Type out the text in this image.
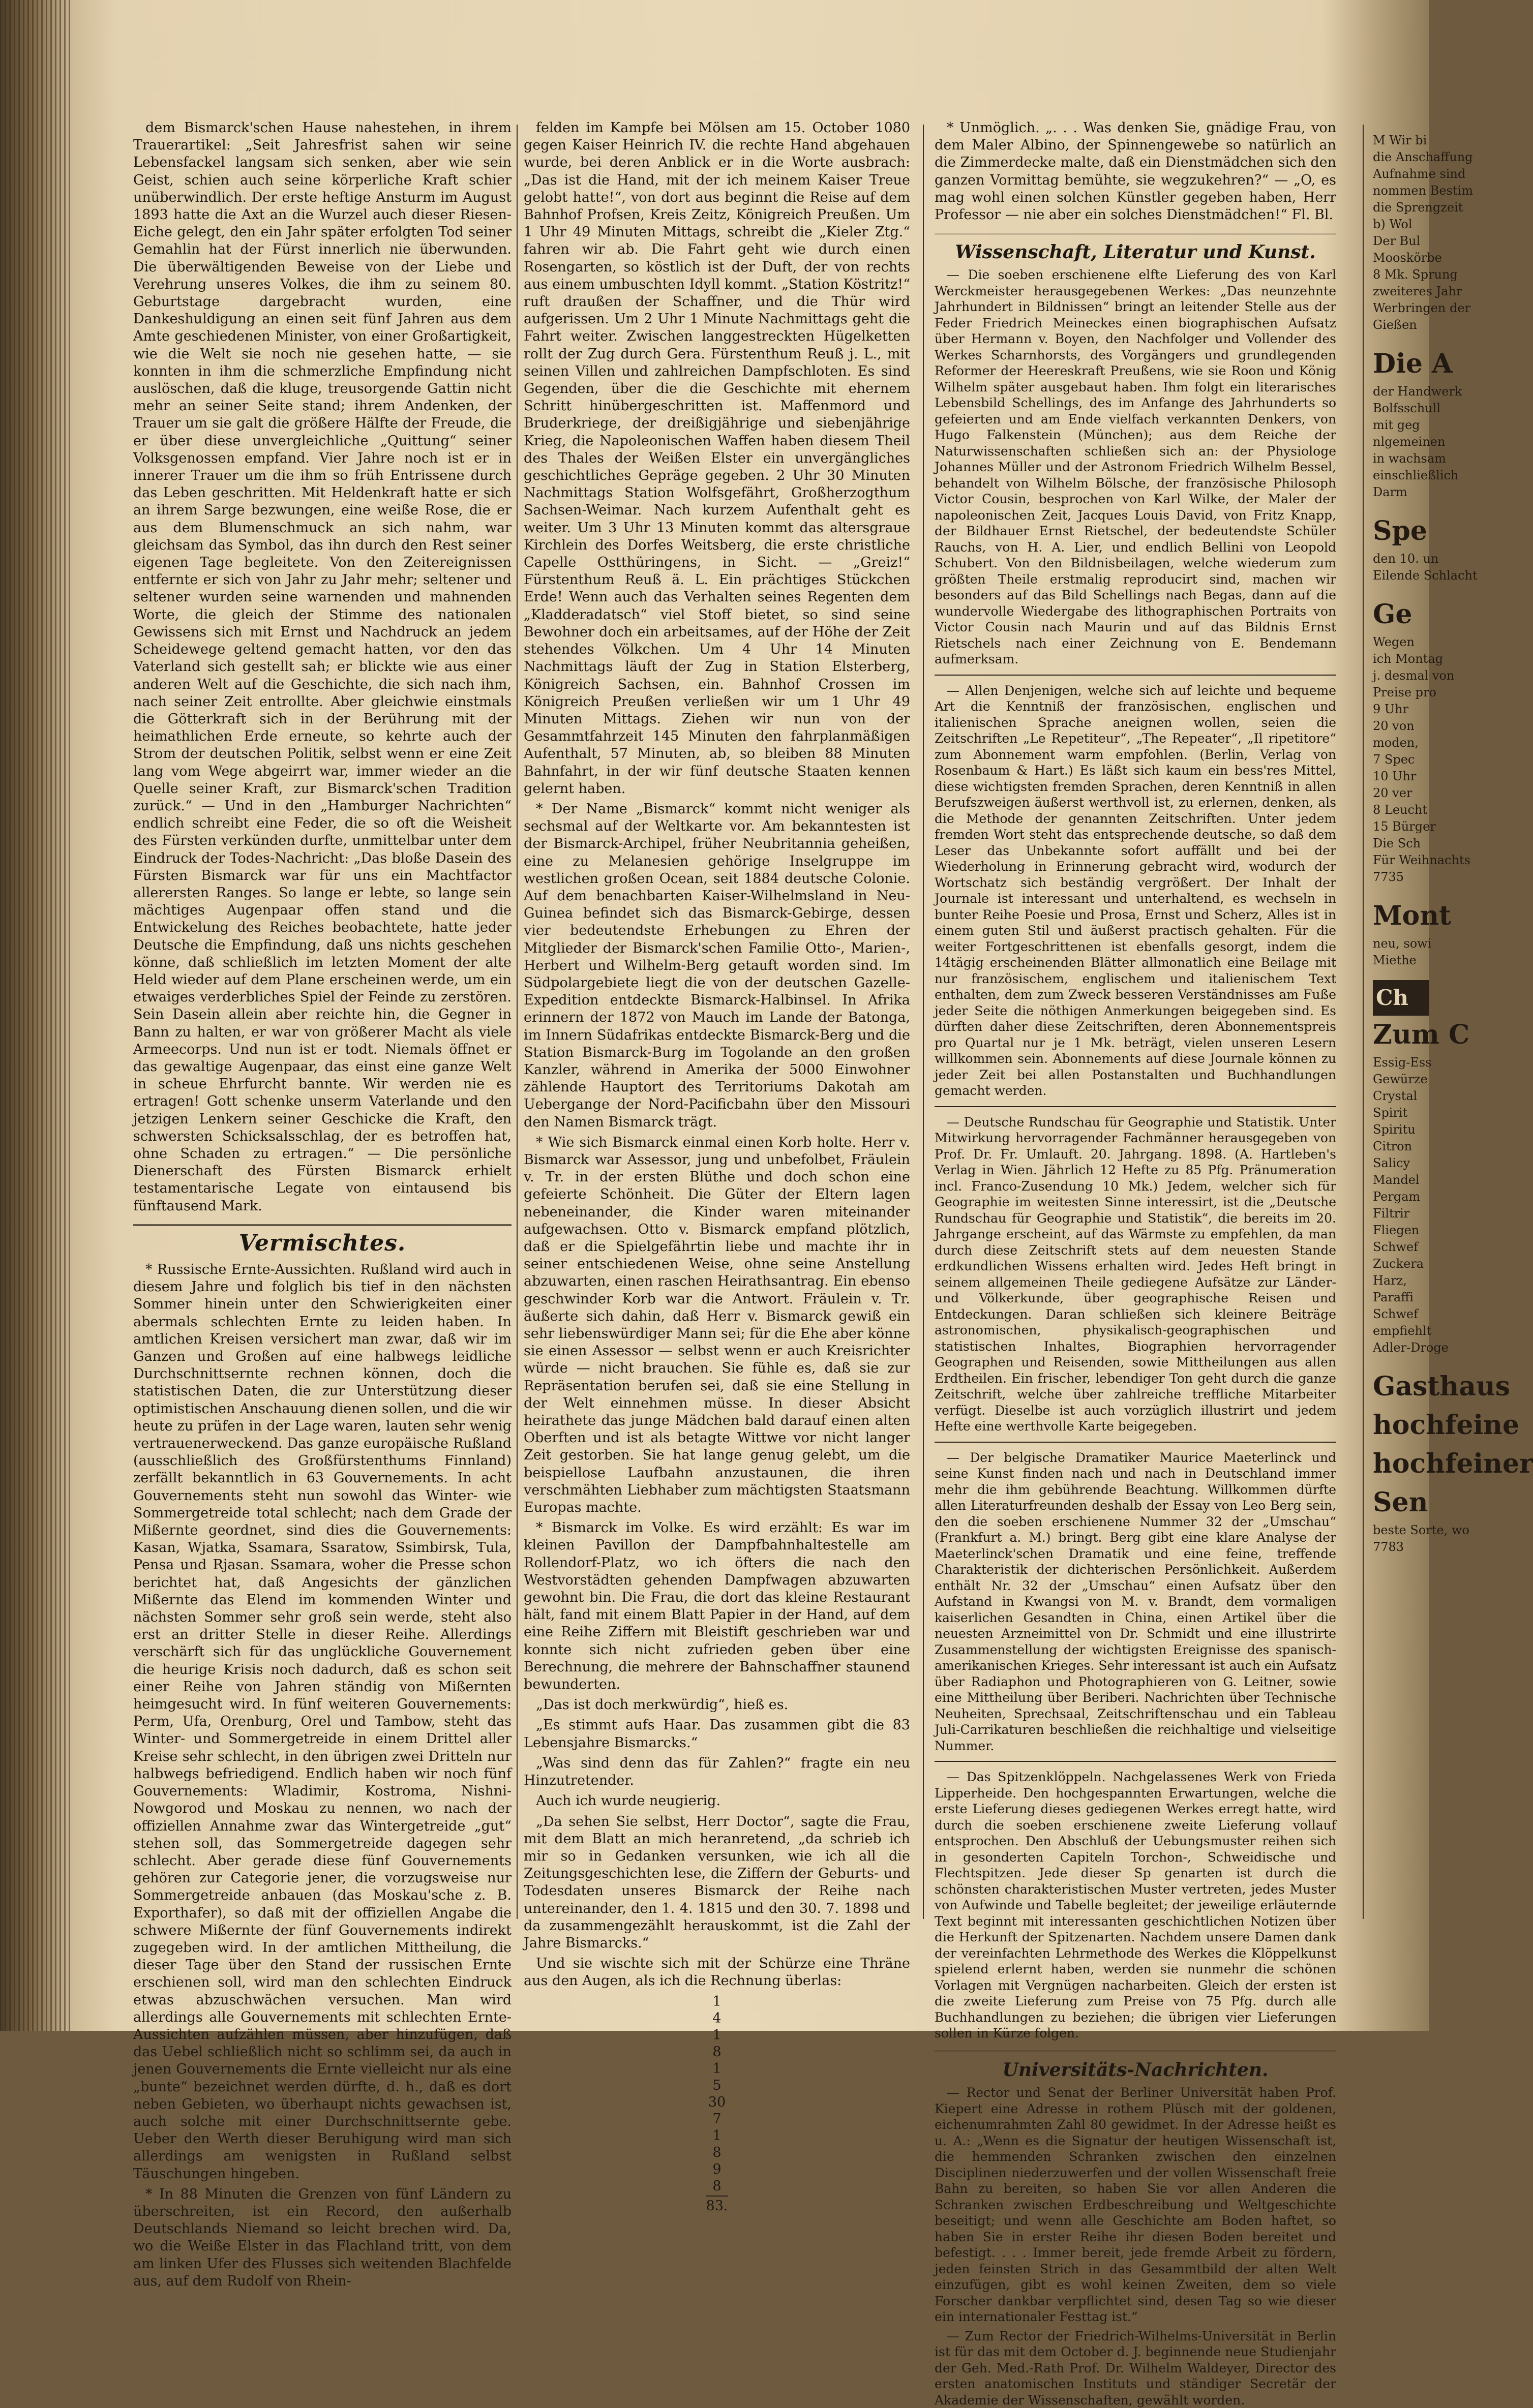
dem Bismarck'schen Hause nahestehen, in ihrem Trauerartikel: „Seit Jahresfrist sahen wir seine Lebensfackel langsam sich senken, aber wie sein Geist, schien auch seine körperliche Kraft schier unüberwindlich. Der erste heftige Ansturm im August 1893 hatte die Axt an die Wurzel auch dieser Riesen-Eiche gelegt, den ein Jahr später erfolgten Tod seiner Gemahlin hat der Fürst innerlich nie überwunden. Die überwältigenden Beweise von der Liebe und Verehrung unseres Volkes, die ihm zu seinem 80. Geburtstage dargebracht wurden, eine Dankeshuldigung an einen seit fünf Jahren aus dem Amte geschiedenen Minister, von einer Großartigkeit, wie die Welt sie noch nie gesehen hatte, — sie konnten in ihm die schmerzliche Empfindung nicht auslöschen, daß die kluge, treusorgende Gattin nicht mehr an seiner Seite stand; ihrem Andenken, der Trauer um sie galt die größere Hälfte der Freude, die er über diese unvergleichliche „Quittung“ seiner Volksgenossen empfand. Vier Jahre noch ist er in innerer Trauer um die ihm so früh Entrissene durch das Leben geschritten. Mit Heldenkraft hatte er sich an ihrem Sarge bezwungen, eine weiße Rose, die er aus dem Blumenschmuck an sich nahm, war gleichsam das Symbol, das ihn durch den Rest seiner eigenen Tage begleitete. Von den Zeitereignissen entfernte er sich von Jahr zu Jahr mehr; seltener und seltener wurden seine warnenden und mahnenden Worte, die gleich der Stimme des nationalen Gewissens sich mit Ernst und Nachdruck an jedem Scheidewege geltend gemacht hatten, vor den das Vaterland sich gestellt sah; er blickte wie aus einer anderen Welt auf die Geschichte, die sich nach ihm, nach seiner Zeit entrollte. Aber gleichwie einstmals die Götterkraft sich in der Berührung mit der heimathlichen Erde erneute, so kehrte auch der Strom der deutschen Politik, selbst wenn er eine Zeit lang vom Wege abgeirrt war, immer wieder an die Quelle seiner Kraft, zur Bismarck'schen Tradition zurück.“ — Und in den „Hamburger Nachrichten“ endlich schreibt eine Feder, die so oft die Weisheit des Fürsten verkünden durfte, unmittelbar unter dem Eindruck der Todes-Nachricht: „Das bloße Dasein des Fürsten Bismarck war für uns ein Machtfactor allerersten Ranges. So lange er lebte, so lange sein mächtiges Augenpaar offen stand und die Entwickelung des Reiches beobachtete, hatte jeder Deutsche die Empfindung, daß uns nichts geschehen könne, daß schließlich im letzten Moment der alte Held wieder auf dem Plane erscheinen werde, um ein etwaiges verderbliches Spiel der Feinde zu zerstören. Sein Dasein allein aber reichte hin, die Gegner in Bann zu halten, er war von größerer Macht als viele Armeecorps. Und nun ist er todt. Niemals öffnet er das gewaltige Augenpaar, das einst eine ganze Welt in scheue Ehrfurcht bannte. Wir werden nie es ertragen! Gott schenke unserm Vaterlande und den jetzigen Lenkern seiner Geschicke die Kraft, den schwersten Schicksalsschlag, der es betroffen hat, ohne Schaden zu ertragen.“ — Die persönliche Dienerschaft des Fürsten Bismarck erhielt testamentarische Legate von eintausend bis fünftausend Mark.

Vermischtes.

* Russische Ernte-Aussichten. Rußland wird auch in diesem Jahre und folglich bis tief in den nächsten Sommer hinein unter den Schwierigkeiten einer abermals schlechten Ernte zu leiden haben. In amtlichen Kreisen versichert man zwar, daß wir im Ganzen und Großen auf eine halbwegs leidliche Durchschnittsernte rechnen können, doch die statistischen Daten, die zur Unterstützung dieser optimistischen Anschauung dienen sollen, und die wir heute zu prüfen in der Lage waren, lauten sehr wenig vertrauenerweckend. Das ganze europäische Rußland (ausschließlich des Großfürstenthums Finnland) zerfällt bekanntlich in 63 Gouvernements. In acht Gouvernements steht nun sowohl das Winter- wie Sommergetreide total schlecht; nach dem Grade der Mißernte geordnet, sind dies die Gouvernements: Kasan, Wjatka, Ssamara, Ssaratow, Ssimbirsk, Tula, Pensa und Rjasan. Ssamara, woher die Presse schon berichtet hat, daß Angesichts der gänzlichen Mißernte das Elend im kommenden Winter und nächsten Sommer sehr groß sein werde, steht also erst an dritter Stelle in dieser Reihe. Allerdings verschärft sich für das unglückliche Gouvernement die heurige Krisis noch dadurch, daß es schon seit einer Reihe von Jahren ständig von Mißernten heimgesucht wird. In fünf weiteren Gouvernements: Perm, Ufa, Orenburg, Orel und Tambow, steht das Winter- und Sommergetreide in einem Drittel aller Kreise sehr schlecht, in den übrigen zwei Dritteln nur halbwegs befriedigend. Endlich haben wir noch fünf Gouvernements: Wladimir, Kostroma, Nishni-Nowgorod und Moskau zu nennen, wo nach der offiziellen Annahme zwar das Wintergetreide „gut“ stehen soll, das Sommergetreide dagegen sehr schlecht. Aber gerade diese fünf Gouvernements gehören zur Categorie jener, die vorzugsweise nur Sommergetreide anbauen (das Moskau'sche z. B. Exporthafer), so daß mit der offiziellen Angabe die schwere Mißernte der fünf Gouvernements indirekt zugegeben wird. In der amtlichen Mittheilung, die dieser Tage über den Stand der russischen Ernte erschienen soll, wird man den schlechten Eindruck etwas abzuschwächen versuchen. Man wird allerdings alle Gouvernements mit schlechten Ernte-Aussichten aufzählen müssen, aber hinzufügen, daß das Uebel schließlich nicht so schlimm sei, da auch in jenen Gouvernements die Ernte vielleicht nur als eine „bunte“ bezeichnet werden dürfte, d. h., daß es dort neben Gebieten, wo überhaupt nichts gewachsen ist, auch solche mit einer Durchschnittsernte gebe. Ueber den Werth dieser Beruhigung wird man sich allerdings am wenigsten in Rußland selbst Täuschungen hingeben.

* In 88 Minuten die Grenzen von fünf Ländern zu überschreiten, ist ein Record, den außerhalb Deutschlands Niemand so leicht brechen wird. Da, wo die Weiße Elster in das Flachland tritt, von dem am linken Ufer des Flusses sich weitenden Blachfelde aus, auf dem Rudolf von Rhein-

felden im Kampfe bei Mölsen am 15. October 1080 gegen Kaiser Heinrich IV. die rechte Hand abgehauen wurde, bei deren Anblick er in die Worte ausbrach: „Das ist die Hand, mit der ich meinem Kaiser Treue gelobt hatte!“, von dort aus beginnt die Reise auf dem Bahnhof Profsen, Kreis Zeitz, Königreich Preußen. Um 1 Uhr 49 Minuten Mittags, schreibt die „Kieler Ztg.“ fahren wir ab. Die Fahrt geht wie durch einen Rosengarten, so köstlich ist der Duft, der von rechts aus einem umbuschten Idyll kommt. „Station Köstritz!“ ruft draußen der Schaffner, und die Thür wird aufgerissen. Um 2 Uhr 1 Minute Nachmittags geht die Fahrt weiter. Zwischen langgestreckten Hügelketten rollt der Zug durch Gera. Fürstenthum Reuß j. L., mit seinen Villen und zahlreichen Dampfschloten. Es sind Gegenden, über die die Geschichte mit ehernem Schritt hinübergeschritten ist. Maffenmord und Bruderkriege, der dreißigjährige und siebenjährige Krieg, die Napoleonischen Waffen haben diesem Theil des Thales der Weißen Elster ein unvergängliches geschichtliches Gepräge gegeben. 2 Uhr 30 Minuten Nachmittags Station Wolfsgefährt, Großherzogthum Sachsen-Weimar. Nach kurzem Aufenthalt geht es weiter. Um 3 Uhr 13 Minuten kommt das altersgraue Kirchlein des Dorfes Weitsberg, die erste christliche Capelle Ostthüringens, in Sicht. — „Greiz!“ Fürstenthum Reuß ä. L. Ein prächtiges Stückchen Erde! Wenn auch das Verhalten seines Regenten dem „Kladderadatsch“ viel Stoff bietet, so sind seine Bewohner doch ein arbeitsames, auf der Höhe der Zeit stehendes Völkchen. Um 4 Uhr 14 Minuten Nachmittags läuft der Zug in Station Elsterberg, Königreich Sachsen, ein. Bahnhof Crossen im Königreich Preußen verließen wir um 1 Uhr 49 Minuten Mittags. Ziehen wir nun von der Gesammtfahrzeit 145 Minuten den fahrplanmäßigen Aufenthalt, 57 Minuten, ab, so bleiben 88 Minuten Bahnfahrt, in der wir fünf deutsche Staaten kennen gelernt haben.

* Der Name „Bismarck“ kommt nicht weniger als sechsmal auf der Weltkarte vor. Am bekanntesten ist der Bismarck-Archipel, früher Neubritannia geheißen, eine zu Melanesien gehörige Inselgruppe im westlichen großen Ocean, seit 1884 deutsche Colonie. Auf dem benachbarten Kaiser-Wilhelmsland in Neu-Guinea befindet sich das Bismarck-Gebirge, dessen vier bedeutendste Erhebungen zu Ehren der Mitglieder der Bismarck'schen Familie Otto-, Marien-, Herbert und Wilhelm-Berg getauft worden sind. Im Südpolargebiete liegt die von der deutschen Gazelle-Expedition entdeckte Bismarck-Halbinsel. In Afrika erinnern der 1872 von Mauch im Lande der Batonga, im Innern Südafrikas entdeckte Bismarck-Berg und die Station Bismarck-Burg im Togolande an den großen Kanzler, während in Amerika der 5000 Einwohner zählende Hauptort des Territoriums Dakotah am Uebergange der Nord-Pacificbahn über den Missouri den Namen Bismarck trägt.

* Wie sich Bismarck einmal einen Korb holte. Herr v. Bismarck war Assessor, jung und unbefolbet, Fräulein v. Tr. in der ersten Blüthe und doch schon eine gefeierte Schönheit. Die Güter der Eltern lagen nebeneinander, die Kinder waren miteinander aufgewachsen. Otto v. Bismarck empfand plötzlich, daß er die Spielgefährtin liebe und machte ihr in seiner entschiedenen Weise, ohne seine Anstellung abzuwarten, einen raschen Heirathsantrag. Ein ebenso geschwinder Korb war die Antwort. Fräulein v. Tr. äußerte sich dahin, daß Herr v. Bismarck gewiß ein sehr liebenswürdiger Mann sei; für die Ehe aber könne sie einen Assessor — selbst wenn er auch Kreisrichter würde — nicht brauchen. Sie fühle es, daß sie zur Repräsentation berufen sei, daß sie eine Stellung in der Welt einnehmen müsse. In dieser Absicht heirathete das junge Mädchen bald darauf einen alten Oberften und ist als betagte Wittwe vor nicht langer Zeit gestorben. Sie hat lange genug gelebt, um die beispiellose Laufbahn anzustaunen, die ihren verschmähten Liebhaber zum mächtigsten Staatsmann Europas machte.

* Bismarck im Volke. Es wird erzählt: Es war im kleinen Pavillon der Dampfbahnhaltestelle am Rollendorf-Platz, wo ich öfters die nach den Westvorstädten gehenden Dampfwagen abzuwarten gewohnt bin. Die Frau, die dort das kleine Restaurant hält, fand mit einem Blatt Papier in der Hand, auf dem eine Reihe Ziffern mit Bleistift geschrieben war und konnte sich nicht zufrieden geben über eine Berechnung, die mehrere der Bahnschaffner staunend bewunderten.

„Das ist doch merkwürdig“, hieß es.

„Es stimmt aufs Haar. Das zusammen gibt die 83 Lebensjahre Bismarcks.“

„Was sind denn das für Zahlen?“ fragte ein neu Hinzutretender.

Auch ich wurde neugierig.

„Da sehen Sie selbst, Herr Doctor“, sagte die Frau, mit dem Blatt an mich heranretend, „da schrieb ich mir so in Gedanken versunken, wie ich all die Zeitungsgeschichten lese, die Ziffern der Geburts- und Todesdaten unseres Bismarck der Reihe nach untereinander, den 1. 4. 1815 und den 30. 7. 1898 und da zusammengezählt herauskommt, ist die Zahl der Jahre Bismarcks.“

Und sie wischte sich mit der Schürze eine Thräne aus den Augen, als ich die Rechnung überlas:

1
4
1
8
1
5
30
7
1
8
9
8
83.

* Unmöglich. „. . . Was denken Sie, gnädige Frau, von dem Maler Albino, der Spinnengewebe so natürlich an die Zimmerdecke malte, daß ein Dienstmädchen sich den ganzen Vormittag bemühte, sie wegzukehren?“ — „O, es mag wohl einen solchen Künstler gegeben haben, Herr Professor — nie aber ein solches Dienstmädchen!“ Fl. Bl.

Wissenschaft, Literatur und Kunst.

— Die soeben erschienene elfte Lieferung des von Karl Werckmeister herausgegebenen Werkes: „Das neunzehnte Jahrhundert in Bildnissen“ bringt an leitender Stelle aus der Feder Friedrich Meineckes einen biographischen Aufsatz über Hermann v. Boyen, den Nachfolger und Vollender des Werkes Scharnhorsts, des Vorgängers und grundlegenden Reformer der Heereskraft Preußens, wie sie Roon und König Wilhelm später ausgebaut haben. Ihm folgt ein literarisches Lebensbild Schellings, des im Anfange des Jahrhunderts so gefeierten und am Ende vielfach verkannten Denkers, von Hugo Falkenstein (München); aus dem Reiche der Naturwissenschaften schließen sich an: der Physiologe Johannes Müller und der Astronom Friedrich Wilhelm Bessel, behandelt von Wilhelm Bölsche, der französische Philosoph Victor Cousin, besprochen von Karl Wilke, der Maler der napoleonischen Zeit, Jacques Louis David, von Fritz Knapp, der Bildhauer Ernst Rietschel, der bedeutendste Schüler Rauchs, von H. A. Lier, und endlich Bellini von Leopold Schubert. Von den Bildnisbeilagen, welche wiederum zum größten Theile erstmalig reproducirt sind, machen wir besonders auf das Bild Schellings nach Begas, dann auf die wundervolle Wiedergabe des lithographischen Portraits von Victor Cousin nach Maurin und auf das Bildnis Ernst Rietschels nach einer Zeichnung von E. Bendemann aufmerksam.

— Allen Denjenigen, welche sich auf leichte und bequeme Art die Kenntniß der französischen, englischen und italienischen Sprache aneignen wollen, seien die Zeitschriften „Le Repetiteur“, „The Repeater“, „Il ripetitore“ zum Abonnement warm empfohlen. (Berlin, Verlag von Rosenbaum & Hart.) Es läßt sich kaum ein bess'res Mittel, diese wichtigsten fremden Sprachen, deren Kenntniß in allen Berufszweigen äußerst werthvoll ist, zu erlernen, denken, als die Methode der genannten Zeitschriften. Unter jedem fremden Wort steht das entsprechende deutsche, so daß dem Leser das Unbekannte sofort auffällt und bei der Wiederholung in Erinnerung gebracht wird, wodurch der Wortschatz sich beständig vergrößert. Der Inhalt der Journale ist interessant und unterhaltend, es wechseln in bunter Reihe Poesie und Prosa, Ernst und Scherz, Alles ist in einem guten Stil und äußerst practisch gehalten. Für die weiter Fortgeschrittenen ist ebenfalls gesorgt, indem die 14tägig erscheinenden Blätter allmonatlich eine Beilage mit nur französischem, englischem und italienischem Text enthalten, dem zum Zweck besseren Verständnisses am Fuße jeder Seite die nöthigen Anmerkungen beigegeben sind. Es dürften daher diese Zeitschriften, deren Abonnementspreis pro Quartal nur je 1 Mk. beträgt, vielen unseren Lesern willkommen sein. Abonnements auf diese Journale können zu jeder Zeit bei allen Postanstalten und Buchhandlungen gemacht werden.

— Deutsche Rundschau für Geographie und Statistik. Unter Mitwirkung hervorragender Fachmänner herausgegeben von Prof. Dr. Fr. Umlauft. 20. Jahrgang. 1898. (A. Hartleben's Verlag in Wien. Jährlich 12 Hefte zu 85 Pfg. Pränumeration incl. Franco-Zusendung 10 Mk.) Jedem, welcher sich für Geographie im weitesten Sinne interessirt, ist die „Deutsche Rundschau für Geographie und Statistik“, die bereits im 20. Jahrgange erscheint, auf das Wärmste zu empfehlen, da man durch diese Zeitschrift stets auf dem neuesten Stande erdkundlichen Wissens erhalten wird. Jedes Heft bringt in seinem allgemeinen Theile gediegene Aufsätze zur Länder- und Völkerkunde, über geographische Reisen und Entdeckungen. Daran schließen sich kleinere Beiträge astronomischen, physikalisch-geographischen und statistischen Inhaltes, Biographien hervorragender Geographen und Reisenden, sowie Mittheilungen aus allen Erdtheilen. Ein frischer, lebendiger Ton geht durch die ganze Zeitschrift, welche über zahlreiche treffliche Mitarbeiter verfügt. Dieselbe ist auch vorzüglich illustrirt und jedem Hefte eine werthvolle Karte beigegeben.

— Der belgische Dramatiker Maurice Maeterlinck und seine Kunst finden nach und nach in Deutschland immer mehr die ihm gebührende Beachtung. Willkommen dürfte allen Literaturfreunden deshalb der Essay von Leo Berg sein, den die soeben erschienene Nummer 32 der „Umschau“ (Frankfurt a. M.) bringt. Berg gibt eine klare Analyse der Maeterlinck'schen Dramatik und eine feine, treffende Charakteristik der dichterischen Persönlichkeit. Außerdem enthält Nr. 32 der „Umschau“ einen Aufsatz über den Aufstand in Kwangsi von M. v. Brandt, dem vormaligen kaiserlichen Gesandten in China, einen Artikel über die neuesten Arzneimittel von Dr. Schmidt und eine illustrirte Zusammenstellung der wichtigsten Ereignisse des spanisch-amerikanischen Krieges. Sehr interessant ist auch ein Aufsatz über Radiaphon und Photographieren von G. Leitner, sowie eine Mittheilung über Beriberi. Nachrichten über Technische Neuheiten, Sprechsaal, Zeitschriftenschau und ein Tableau Juli-Carrikaturen beschließen die reichhaltige und vielseitige Nummer.

— Das Spitzenklöppeln. Nachgelassenes Werk von Frieda Lipperheide. Den hochgespannten Erwartungen, welche die erste Lieferung dieses gediegenen Werkes erregt hatte, wird durch die soeben erschienene zweite Lieferung vollauf entsprochen. Den Abschluß der Uebungsmuster reihen sich in gesonderten Capiteln Torchon-, Schweidische und Flechtspitzen. Jede dieser Sp genarten ist durch die schönsten charakteristischen Muster vertreten, jedes Muster von Aufwinde und Tabelle begleitet; der jeweilige erläuternde Text beginnt mit interessanten geschichtlichen Notizen über die Herkunft der Spitzenarten. Nachdem unsere Damen dank der vereinfachten Lehrmethode des Werkes die Klöppelkunst spielend erlernt haben, werden sie nunmehr die schönen Vorlagen mit Vergnügen nacharbeiten. Gleich der ersten ist die zweite Lieferung zum Preise von 75 Pfg. durch alle Buchhandlungen zu beziehen; die übrigen vier Lieferungen sollen in Kürze folgen.

Universitäts-Nachrichten.

— Rector und Senat der Berliner Universität haben Prof. Kiepert eine Adresse in rothem Plüsch mit der goldenen, eichenumrahmten Zahl 80 gewidmet. In der Adresse heißt es u. A.: „Wenn es die Signatur der heutigen Wissenschaft ist, die hemmenden Schranken zwischen den einzelnen Disciplinen niederzuwerfen und der vollen Wissenschaft freie Bahn zu bereiten, so haben Sie vor allen Anderen die Schranken zwischen Erdbeschreibung und Weltgeschichte beseitigt; und wenn alle Geschichte am Boden haftet, so haben Sie in erster Reihe ihr diesen Boden bereitet und befestigt. . . . Immer bereit, jede fremde Arbeit zu fördern, jeden feinsten Strich in das Gesammtbild der alten Welt einzufügen, gibt es wohl keinen Zweiten, dem so viele Forscher dankbar verpflichtet sind, desen Tag so wie dieser ein internationaler Festtag ist.“

— Zum Rector der Friedrich-Wilhelms-Universität in Berlin ist für das mit dem October d. J. beginnende neue Studienjahr der Geh. Med.-Rath Prof. Dr. Wilhelm Waldeyer, Director des ersten anatomischen Instituts und ständiger Secretär der Akademie der Wissenschaften, gewählt worden.

M Wir bi
die Anschaffung
Aufnahme sind
nommen Bestim
die Sprengzeit
b) Wol
Der Bul
Mooskörbe
8 Mk. Sprung
zweiteres Jahr
Werbringen der
Gießen
Die A
der Handwerk
Bolfsschull
mit geg
nlgemeinen
in wachsam
einschließlich
Darm
Spe
den 10. un
Eilende Schlacht
Ge
Wegen
ich Montag
j. desmal von
Preise pro
9 Uhr
20 von
moden,
7 Spec
10 Uhr
20 ver
8 Leucht
15 Bürger
Die Sch
Für Weihnachts
7735
Mont
neu, sowi
Miethe
Ch
Zum C
Essig-Ess
Gewürze
Crystal
Spirit
Spiritu
Citron
Salicy
Mandel
Pergam
Filtrir
Fliegen
Schwef
Zuckera
Harz,
Paraffi
Schwef
empfiehlt
Adler-Droge
Gasthaus
hochfeine
hochfeiner
Sen
beste Sorte, wo
7783
